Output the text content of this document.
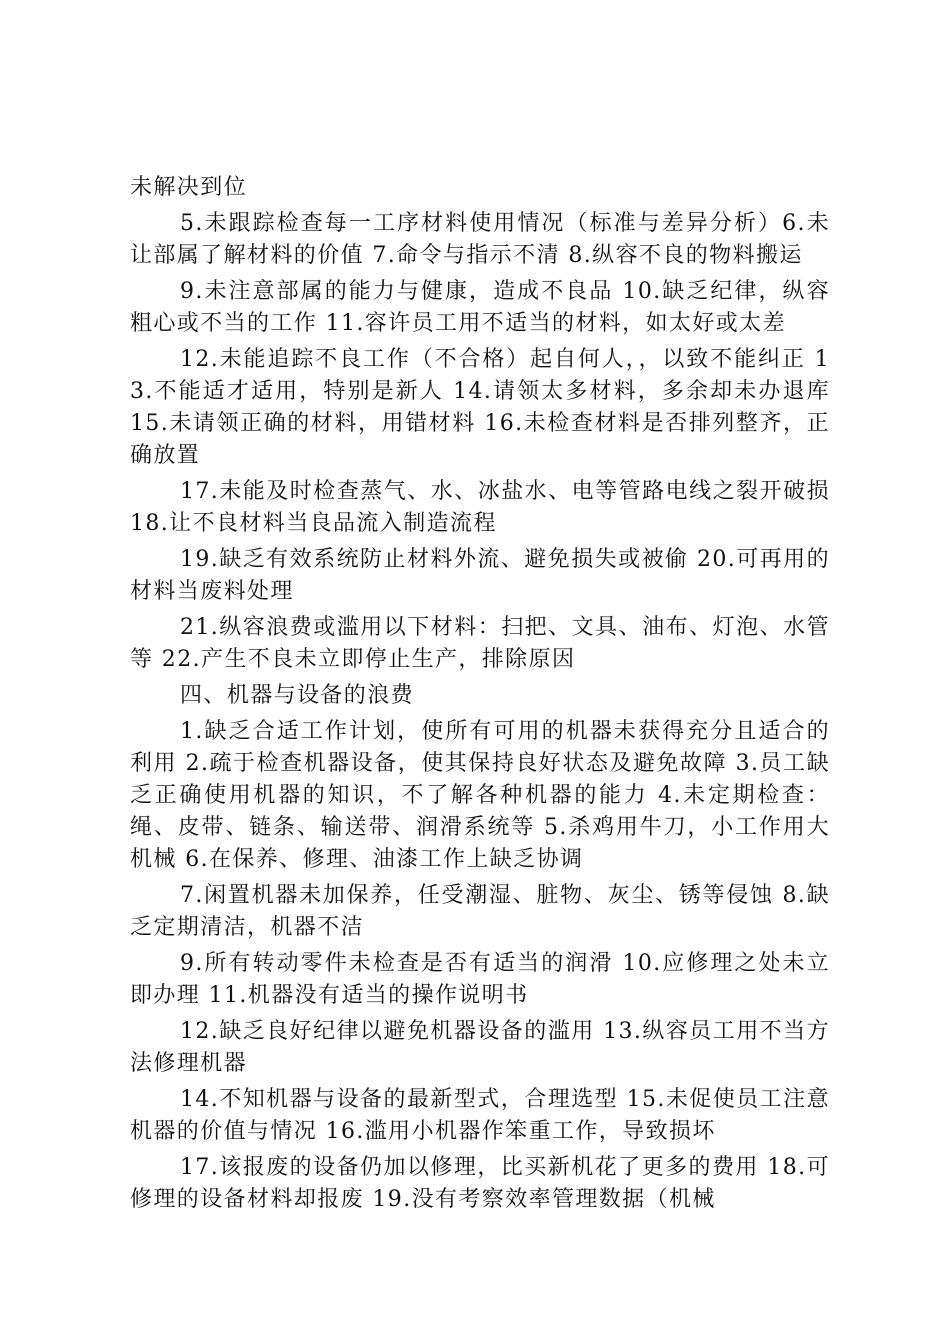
未解决到位

5.未跟踪检查每一工序材料使用情况（标准与差异分析）6.未让部属了解材料的价值 7.命令与指示不清 8.纵容不良的物料搬运

9.未注意部属的能力与健康，造成不良品 10.缺乏纪律，纵容粗心或不当的工作 11.容许员工用不适当的材料，如太好或太差

12.未能追踪不良工作（不合格）起自何人，，以致不能纠正 13.不能适才适用，特别是新人 14.请领太多材料，多余却未办退库 15.未请领正确的材料，用错材料 16.未检查材料是否排列整齐，正确放置

17.未能及时检查蒸气、水、冰盐水、电等管路电线之裂开破损 18.让不良材料当良品流入制造流程

19.缺乏有效系统防止材料外流、避免损失或被偷 20.可再用的材料当废料处理

21.纵容浪费或滥用以下材料：扫把、文具、油布、灯泡、水管等 22.产生不良未立即停止生产，排除原因

四、机器与设备的浪费

1.缺乏合适工作计划，使所有可用的机器未获得充分且适合的利用 2.疏于检查机器设备，使其保持良好状态及避免故障 3.员工缺乏正确使用机器的知识，不了解各种机器的能力 4.未定期检查：绳、皮带、链条、输送带、润滑系统等 5.杀鸡用牛刀，小工作用大机械 6.在保养、修理、油漆工作上缺乏协调

7.闲置机器未加保养，任受潮湿、脏物、灰尘、锈等侵蚀 8.缺乏定期清洁，机器不洁

9.所有转动零件未检查是否有适当的润滑 10.应修理之处未立即办理 11.机器没有适当的操作说明书

12.缺乏良好纪律以避免机器设备的滥用 13.纵容员工用不当方法修理机器

14.不知机器与设备的最新型式，合理选型 15.未促使员工注意机器的价值与情况 16.滥用小机器作笨重工作，导致损坏

17.该报废的设备仍加以修理，比买新机花了更多的费用 18.可修理的设备材料却报废 19.没有考察效率管理数据（机械
